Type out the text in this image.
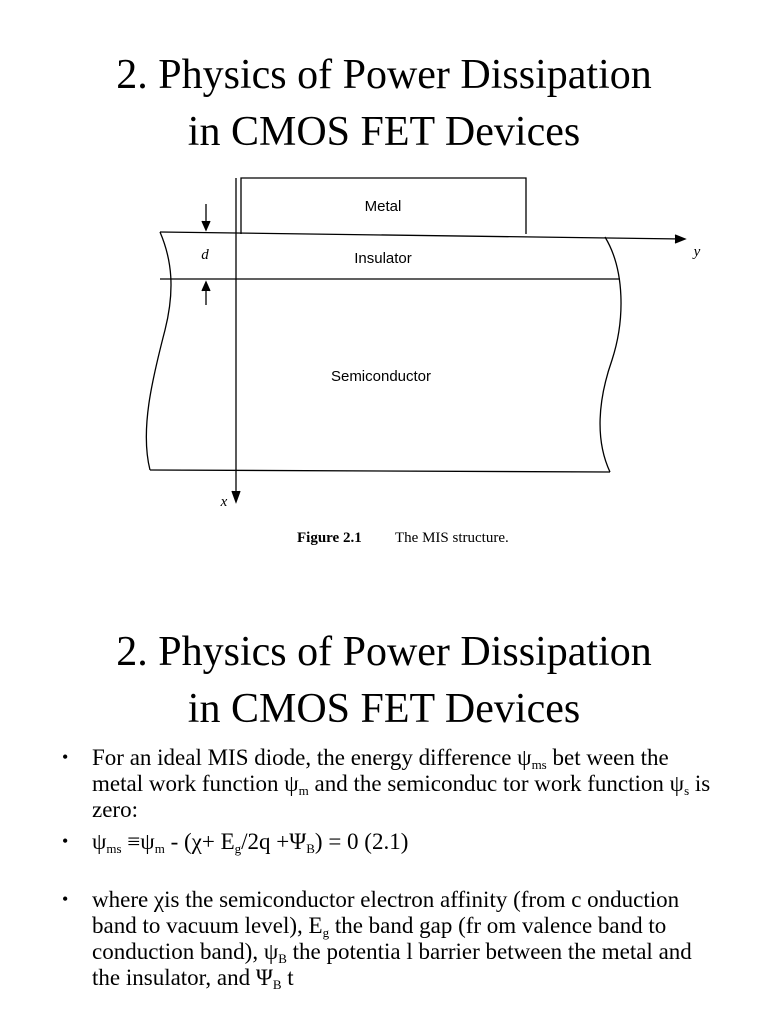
2. Physics of Power Dissipation
in CMOS FET Devices
Metal
Insulator
Semiconductor
d
x
y
Figure 2.1 The MIS structure.
2. Physics of Power Dissipation
in CMOS FET Devices
• For an ideal MIS diode, the energy difference $\psi_{ms}$ bet ween the metal work function $\psi_m$ and the semiconduc tor work function $\psi_s$ is zero:
• $\psi_{ms} \equiv\psi_m - (\chi+ E_g/2q +\Psi_B) = 0$ (2.1)
• where χis the semiconductor electron affinity (from c onduction band to vacuum level), $E_g$ the band gap (fr om valence band to conduction band), $\psi_B$ the potentia l barrier between the metal and the insulator, and $\Psi_B$ t
